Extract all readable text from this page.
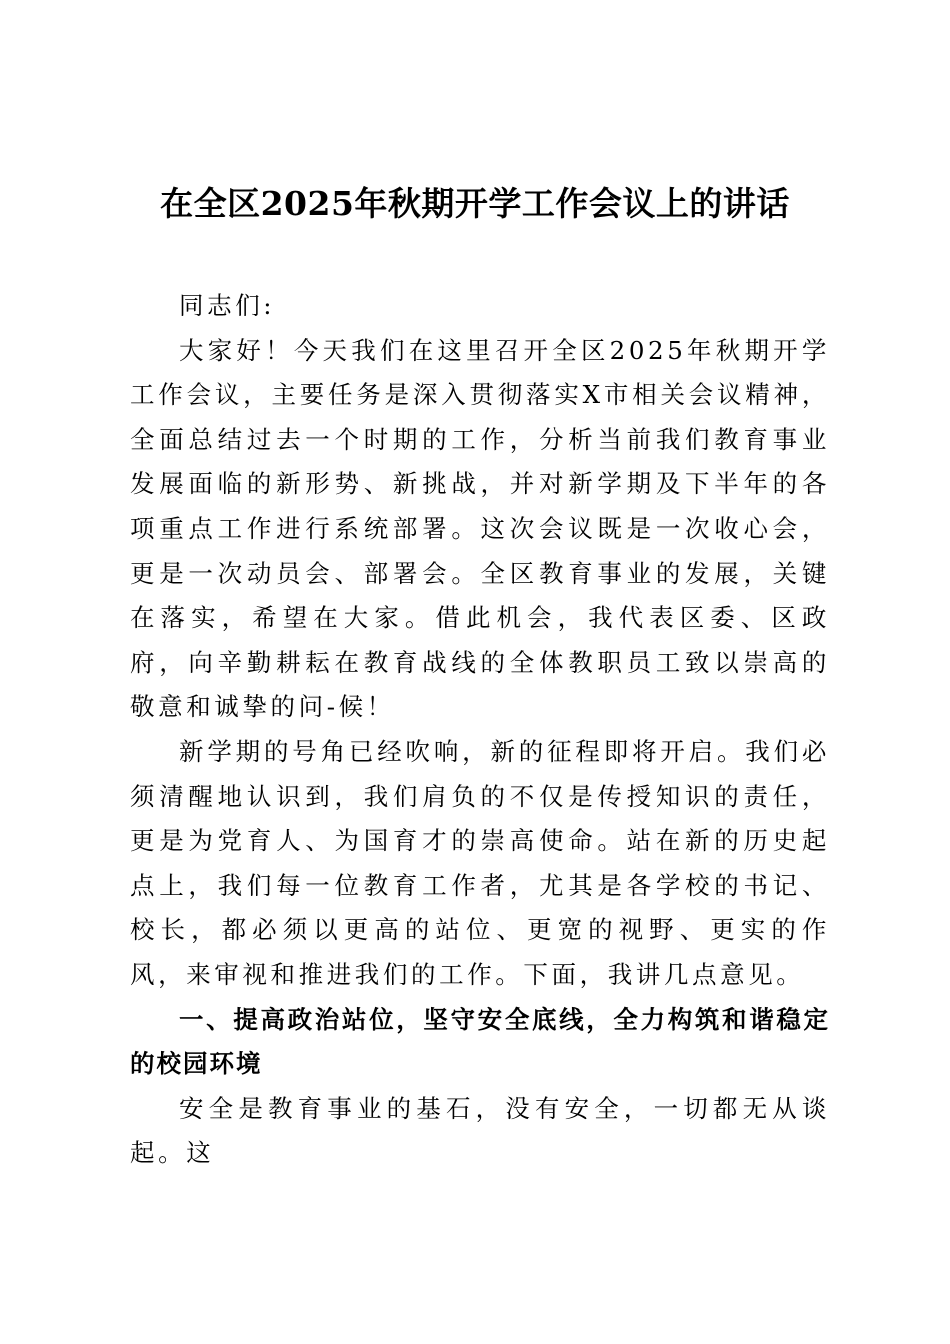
在全区2025年秋期开学工作会议上的讲话

同志们:

大家好！今天我们在这里召开全区2025年秋期开学工作会议，主要任务是深入贯彻落实X市相关会议精神，全面总结过去一个时期的工作，分析当前我们教育事业发展面临的新形势、新挑战，并对新学期及下半年的各项重点工作进行系统部署。这次会议既是一次收心会，更是一次动员会、部署会。全区教育事业的发展，关键在落实，希望在大家。借此机会，我代表区委、区政府，向辛勤耕耘在教育战线的全体教职员工致以崇高的敬意和诚挚的问-候！

新学期的号角已经吹响，新的征程即将开启。我们必须清醒地认识到，我们肩负的不仅是传授知识的责任，更是为党育人、为国育才的崇高使命。站在新的历史起点上，我们每一位教育工作者，尤其是各学校的书记、校长，都必须以更高的站位、更宽的视野、更实的作风，来审视和推进我们的工作。下面，我讲几点意见。

一、提高政治站位，坚守安全底线，全力构筑和谐稳定的校园环境

安全是教育事业的基石，没有安全，一切都无从谈起。这
